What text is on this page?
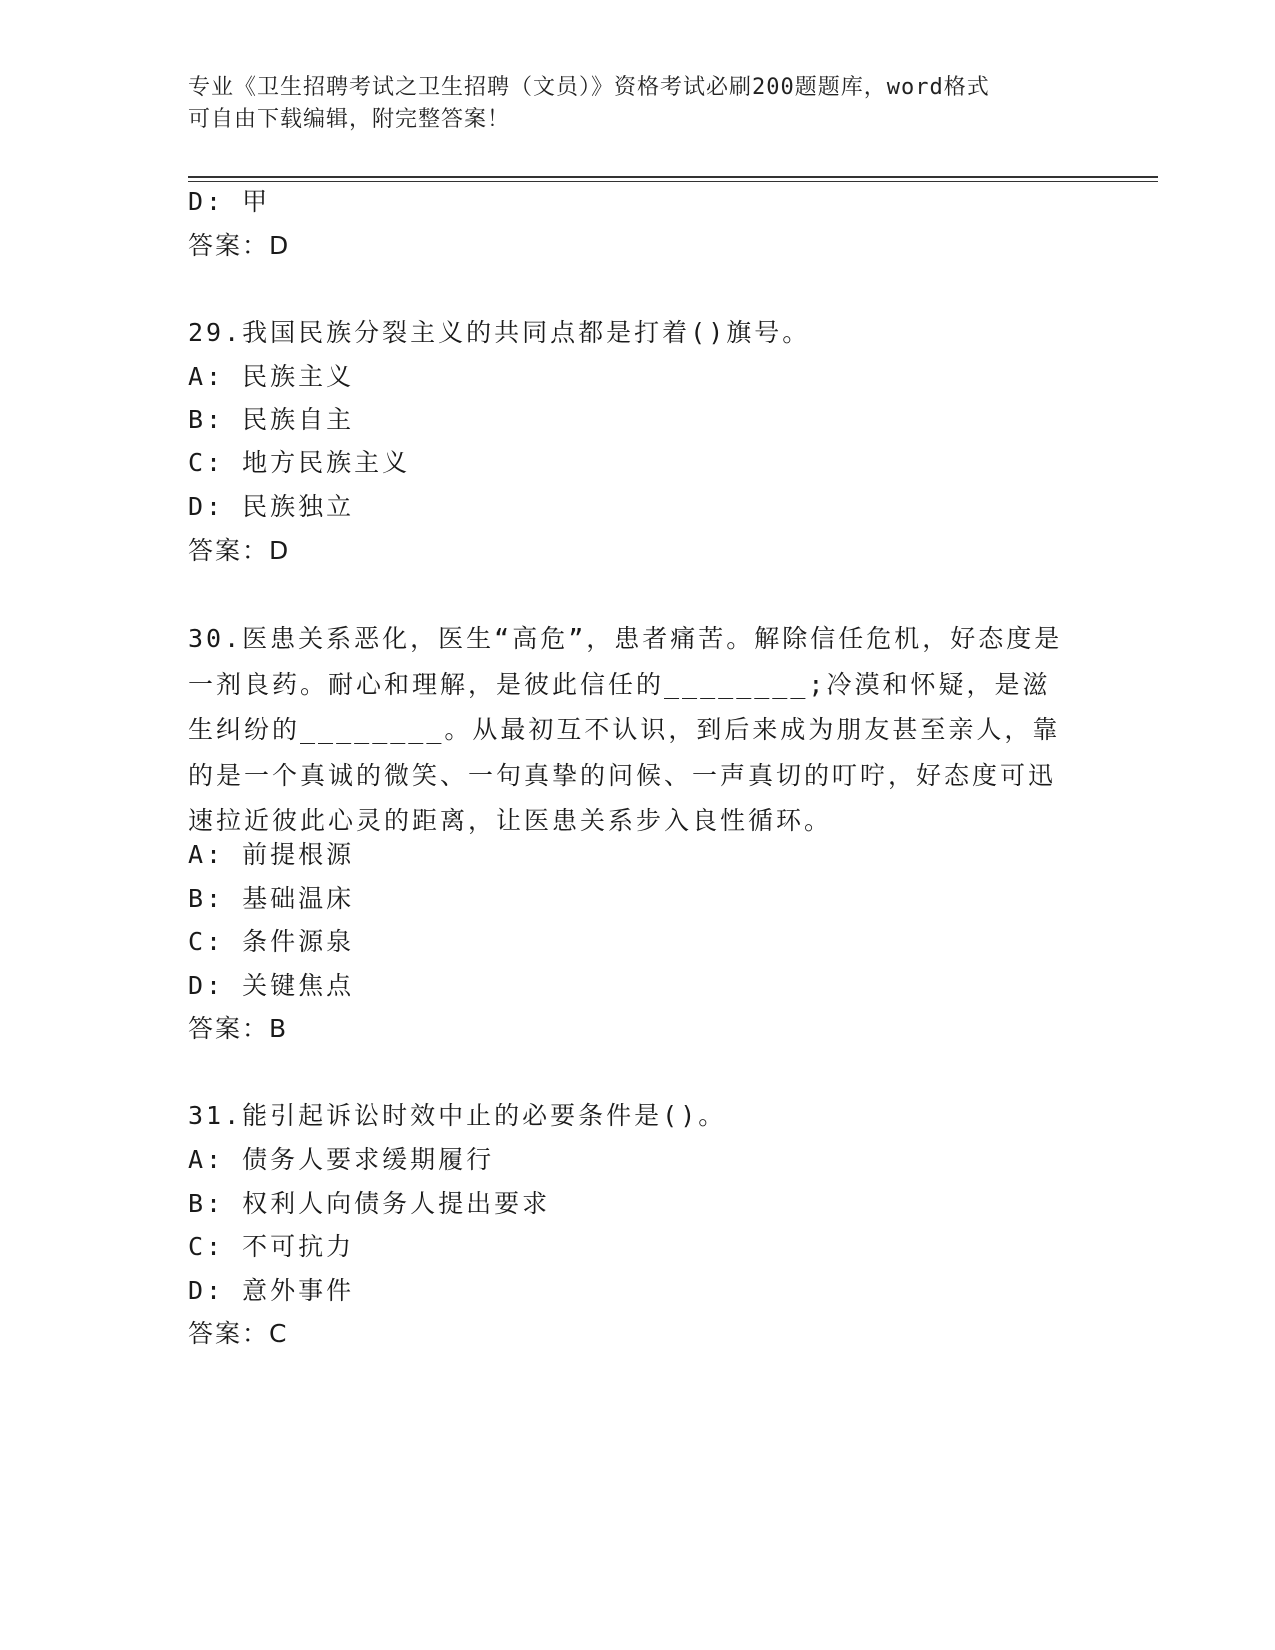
专业《卫生招聘考试之卫生招聘（文员）》资格考试必刷200题题库，word格式
可自由下载编辑，附完整答案！
D: 甲
答案：D
29.我国民族分裂主义的共同点都是打着()旗号。
A: 民族主义
B: 民族自主
C: 地方民族主义
D: 民族独立
答案：D
30.医患关系恶化，医生“高危”，患者痛苦。解除信任危机，好态度是一剂良药。耐心和理解，是彼此信任的________;冷漠和怀疑，是滋生纠纷的________。从最初互不认识，到后来成为朋友甚至亲人，靠的是一个真诚的微笑、一句真挚的问候、一声真切的叮咛，好态度可迅速拉近彼此心灵的距离，让医患关系步入良性循环。
A: 前提根源
B: 基础温床
C: 条件源泉
D: 关键焦点
答案：B
31.能引起诉讼时效中止的必要条件是()。
A: 债务人要求缓期履行
B: 权利人向债务人提出要求
C: 不可抗力
D: 意外事件
答案：C
